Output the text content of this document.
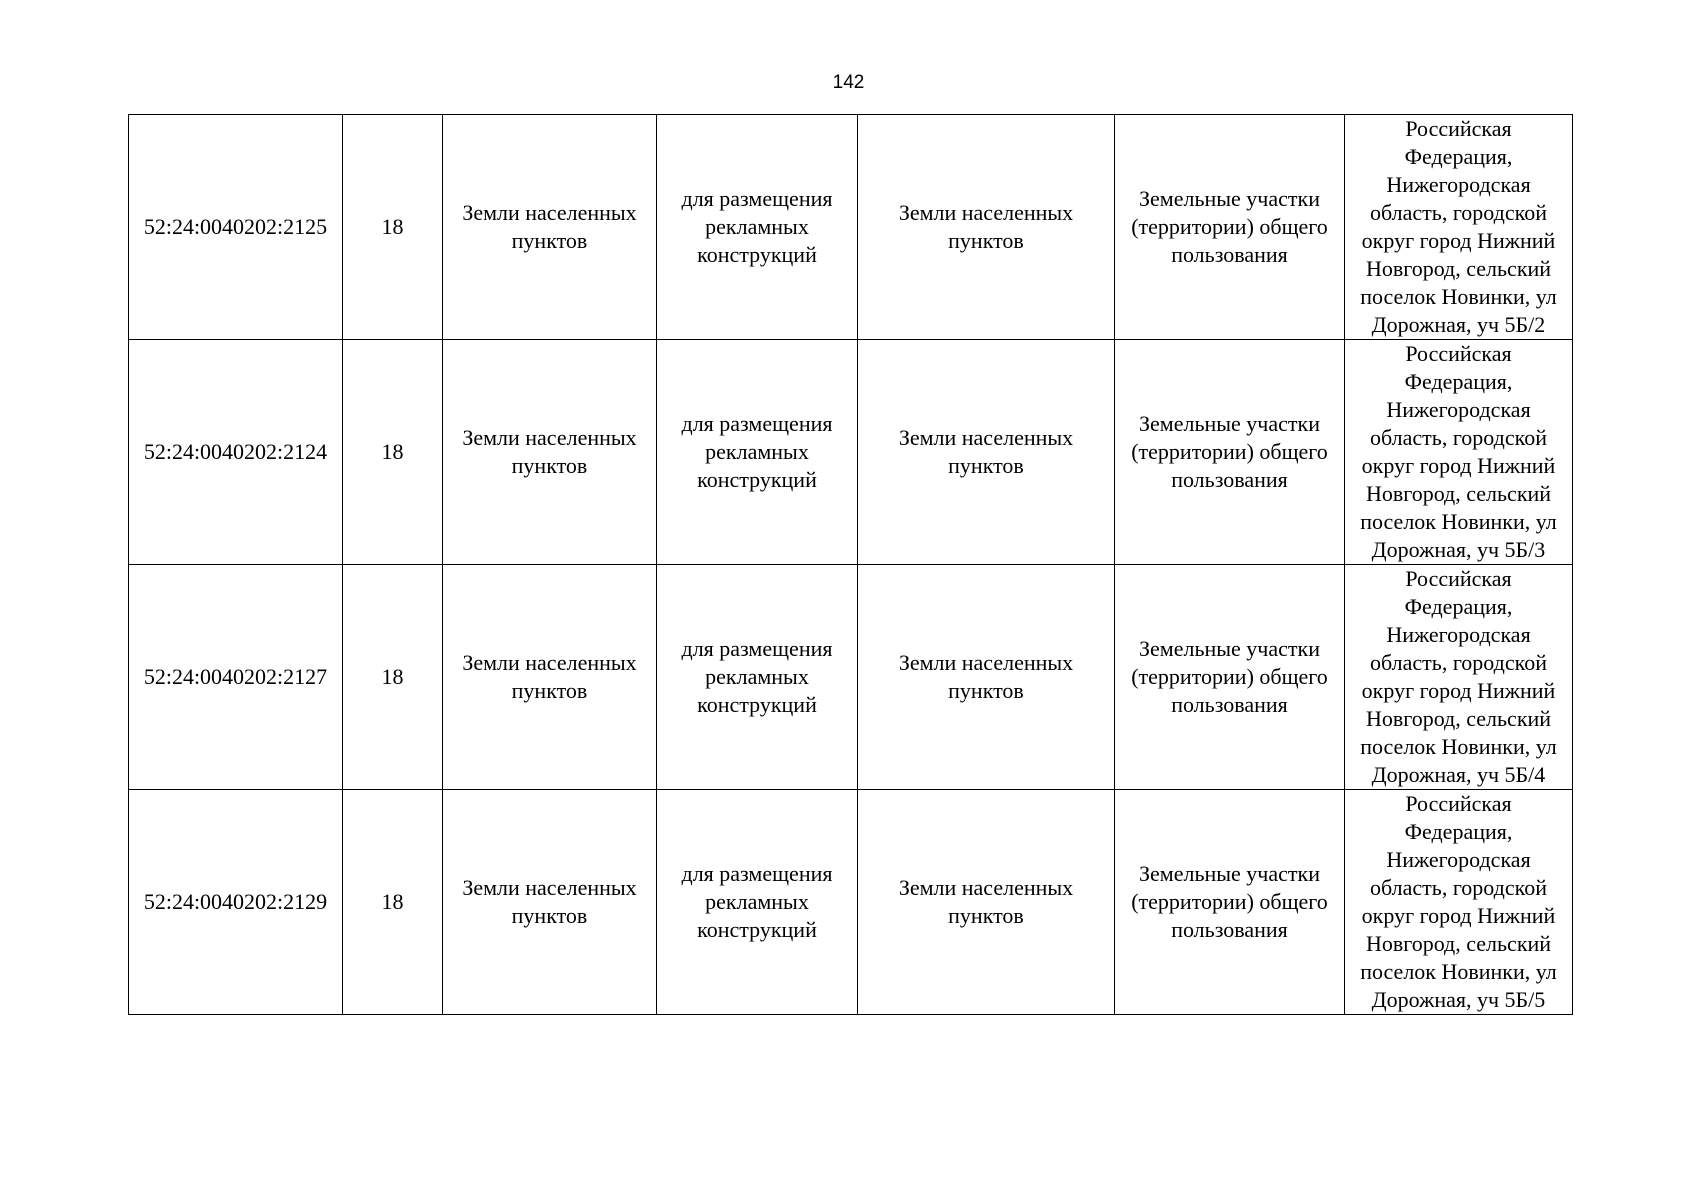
142
52:24:0040202:2125	18	Земли населенных пунктов	для размещения рекламных конструкций	Земли населенных пунктов	Земельные участки (территории) общего пользования	Российская Федерация, Нижегородская область, городской округ город Нижний Новгород, сельский поселок Новинки, ул Дорожная, уч 5Б/2
52:24:0040202:2124	18	Земли населенных пунктов	для размещения рекламных конструкций	Земли населенных пунктов	Земельные участки (территории) общего пользования	Российская Федерация, Нижегородская область, городской округ город Нижний Новгород, сельский поселок Новинки, ул Дорожная, уч 5Б/3
52:24:0040202:2127	18	Земли населенных пунктов	для размещения рекламных конструкций	Земли населенных пунктов	Земельные участки (территории) общего пользования	Российская Федерация, Нижегородская область, городской округ город Нижний Новгород, сельский поселок Новинки, ул Дорожная, уч 5Б/4
52:24:0040202:2129	18	Земли населенных пунктов	для размещения рекламных конструкций	Земли населенных пунктов	Земельные участки (территории) общего пользования	Российская Федерация, Нижегородская область, городской округ город Нижний Новгород, сельский поселок Новинки, ул Дорожная, уч 5Б/5
